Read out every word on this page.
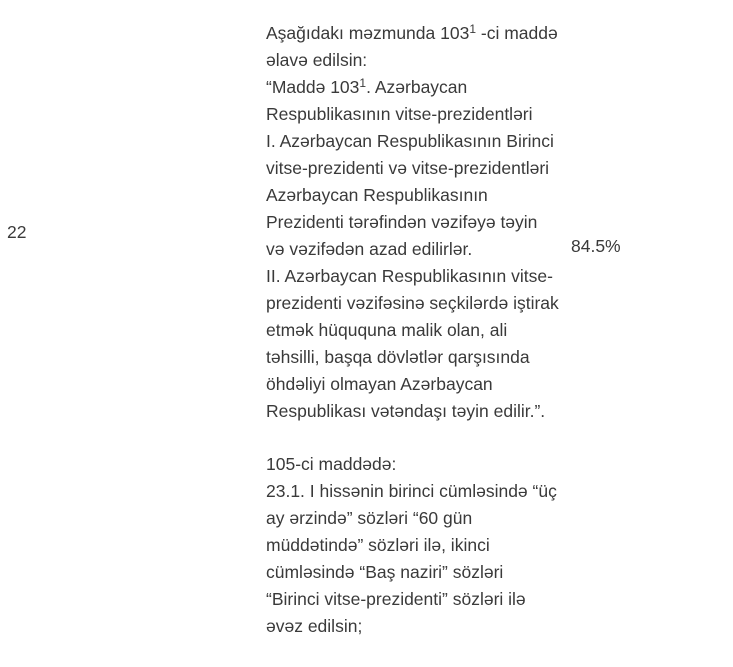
22

Aşağıdakı məzmunda $103^1$ -ci maddə
əlavə edilsin:
“Maddə $103^1$. Azərbaycan
Respublikasının vitse-prezidentləri
I. Azərbaycan Respublikasının Birinci
vitse-prezidenti və vitse-prezidentləri
Azərbaycan Respublikasının
Prezidenti tərəfindən vəzifəyə təyin
və vəzifədən azad edilirlər.
II. Azərbaycan Respublikasının vitse-
prezidenti vəzifəsinə seçkilərdə iştirak
etmək hüququna malik olan, ali
təhsilli, başqa dövlətlər qarşısında
öhdəliyi olmayan Azərbaycan
Respublikası vətəndaşı təyin edilir.”.

105-ci maddədə:
23.1. I hissənin birinci cümləsində “üç
ay ərzində” sözləri “60 gün
müddətində” sözləri ilə, ikinci
cümləsində “Baş naziri” sözləri
“Birinci vitse-prezidenti” sözləri ilə
əvəz edilsin;

84.5%
